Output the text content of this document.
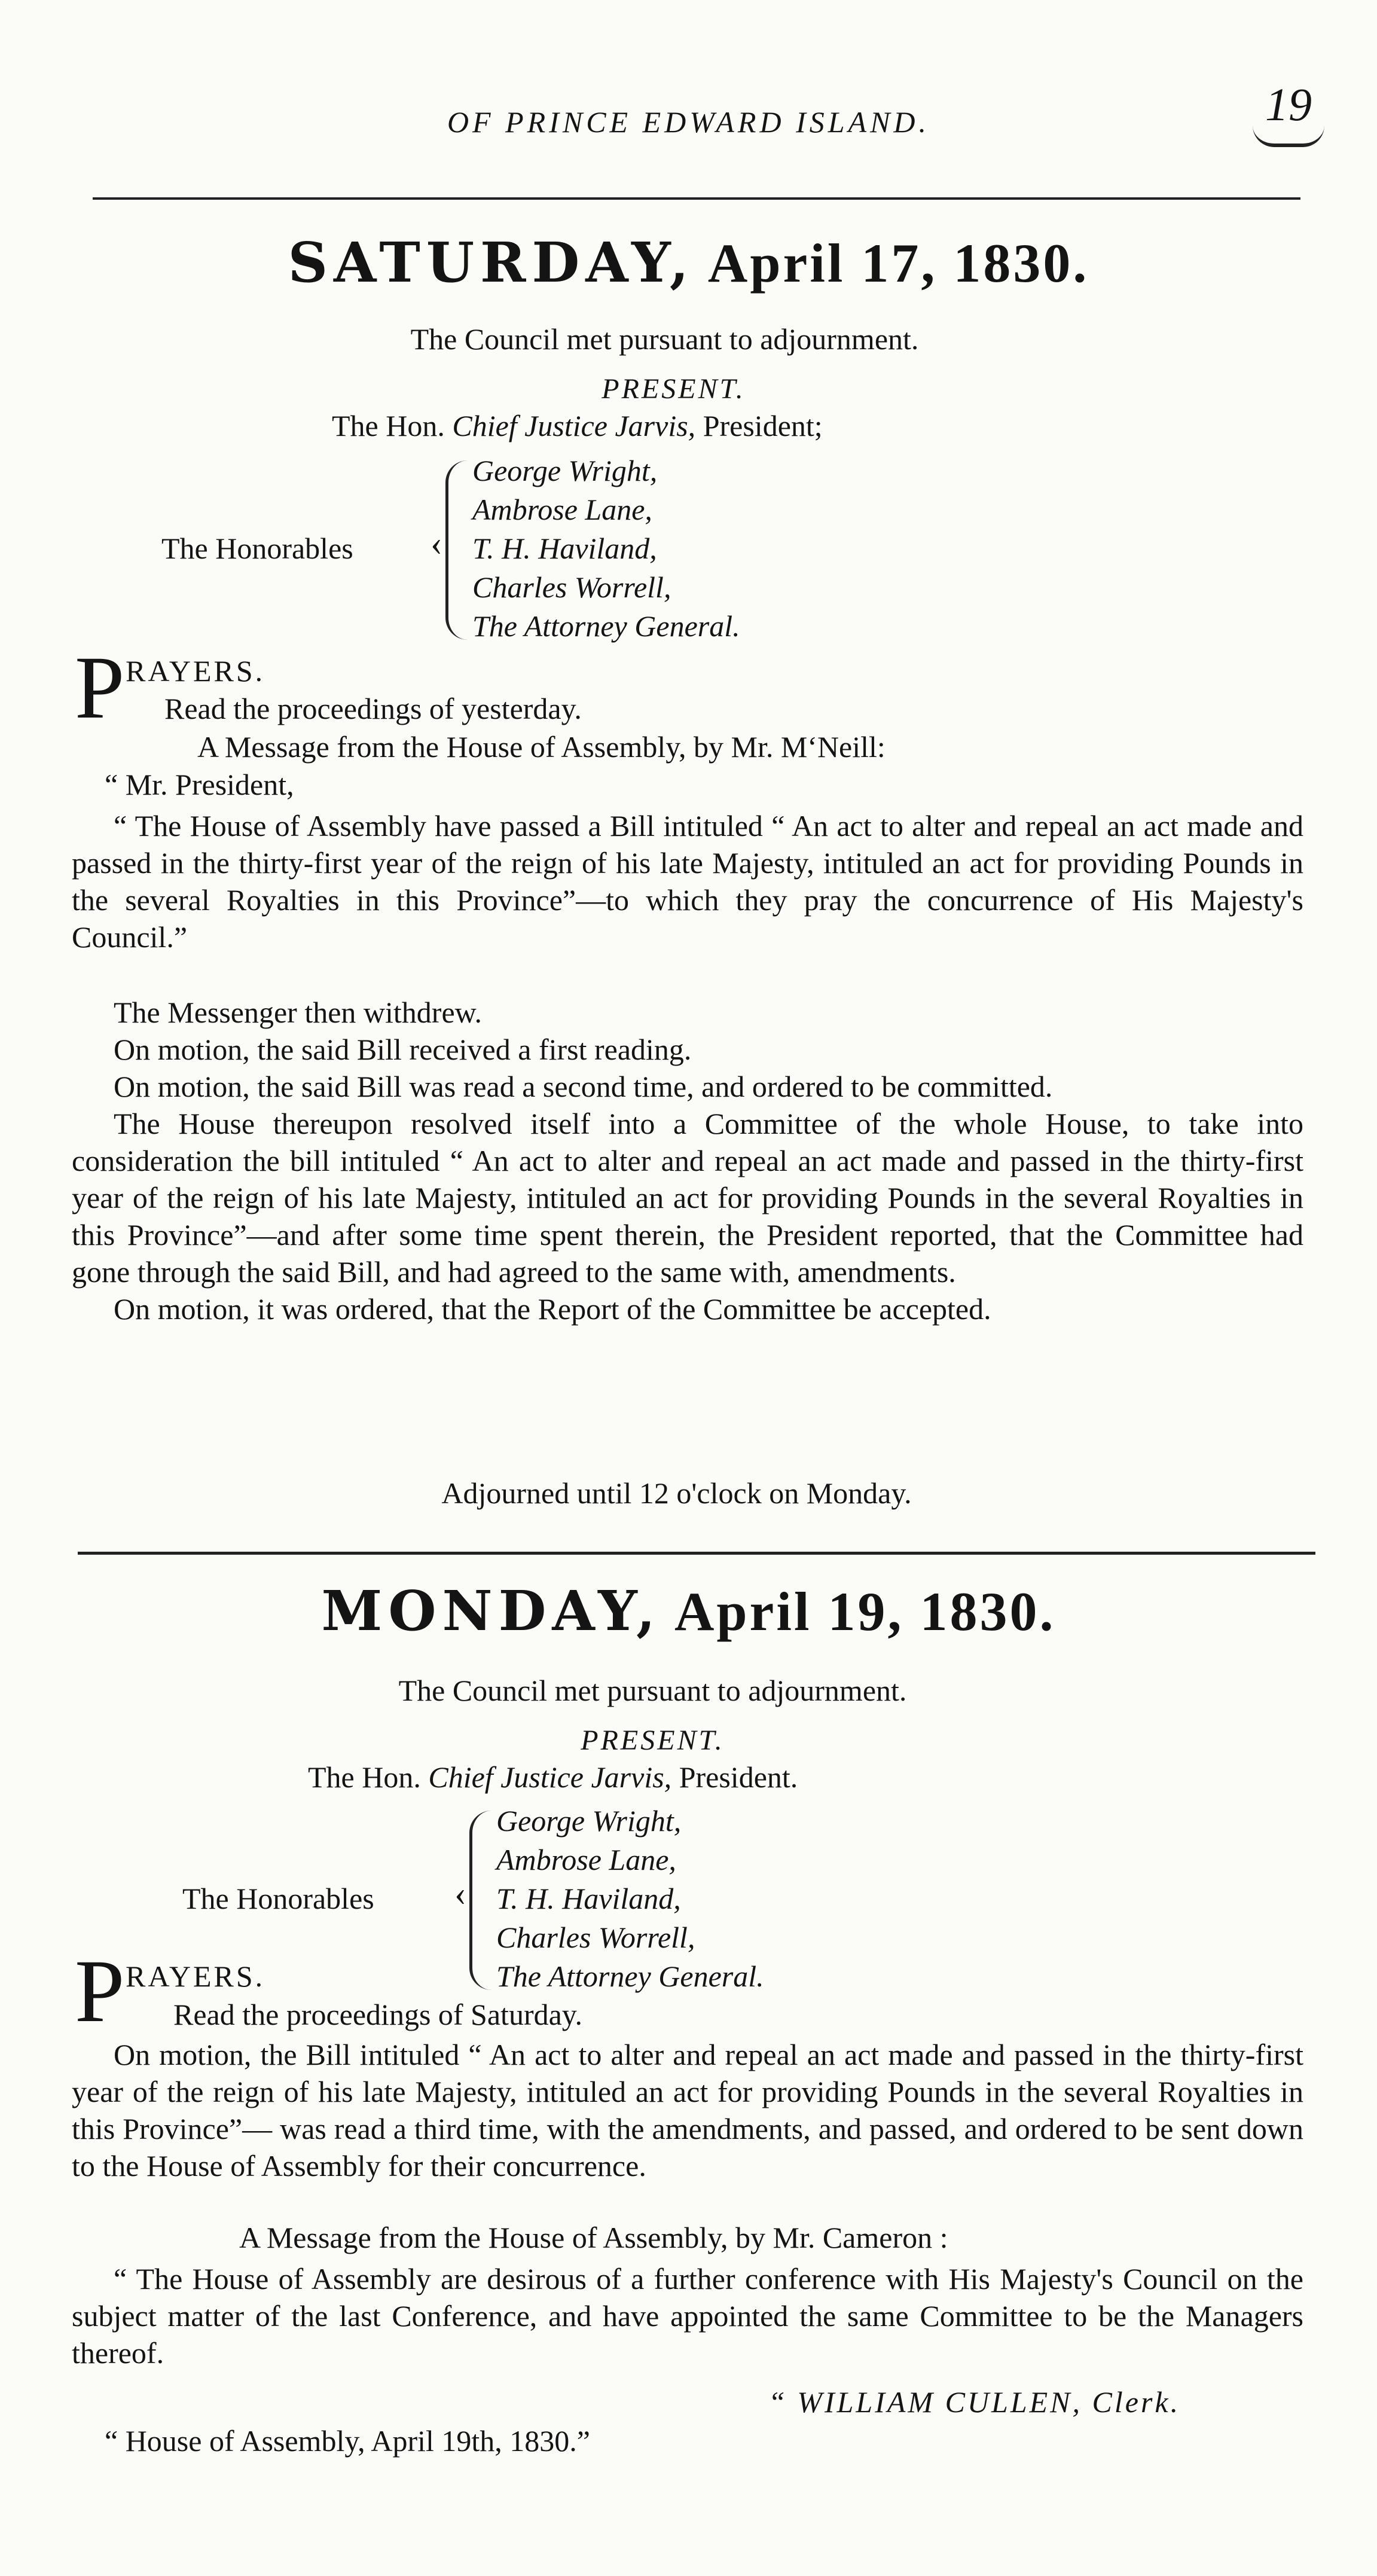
OF PRINCE EDWARD ISLAND.	19
SATURDAY, April 17, 1830.
The Council met pursuant to adjournment.
PRESENT.
The Hon. Chief Justice Jarvis, President;
The Honorables ‹
George Wright,
Ambrose Lane,
T. H. Haviland,
Charles Worrell,
The Attorney General.
P RAYERS.
Read the proceedings of yesterday.
A Message from the House of Assembly, by Mr. M‘Neill:
“ Mr. President,

“ The House of Assembly have passed a Bill intituled “ An act to alter and repeal an act made and passed in the thirty-first year of the reign of his late Majesty, intituled an act for providing Pounds in the several Royalties in this Province”—to which they pray the concurrence of His Majesty's Council.”

The Messenger then withdrew.

On motion, the said Bill received a first reading.

On motion, the said Bill was read a second time, and ordered to be committed.

The House thereupon resolved itself into a Committee of the whole House, to take into consideration the bill intituled “ An act to alter and repeal an act made and passed in the thirty-first year of the reign of his late Majesty, intituled an act for providing Pounds in the several Royalties in this Province”—and after some time spent therein, the President reported, that the Committee had gone through the said Bill, and had agreed to the same with, amendments.

On motion, it was ordered, that the Report of the Committee be accepted.

Adjourned until 12 o'clock on Monday.
MONDAY, April 19, 1830.
The Council met pursuant to adjournment.
PRESENT.
The Hon. Chief Justice Jarvis, President.
The Honorables ‹
George Wright,
Ambrose Lane,
T. H. Haviland,
Charles Worrell,
The Attorney General.
P RAYERS.
Read the proceedings of Saturday.

On motion, the Bill intituled “ An act to alter and repeal an act made and passed in the thirty-first year of the reign of his late Majesty, intituled an act for providing Pounds in the several Royalties in this Province”— was read a third time, with the amendments, and passed, and ordered to be sent down to the House of Assembly for their concurrence.

A Message from the House of Assembly, by Mr. Cameron :

“ The House of Assembly are desirous of a further conference with His Majesty's Council on the subject matter of the last Conference, and have appointed the same Committee to be the Managers thereof.

“ WILLIAM CULLEN, Clerk.
“ House of Assembly, April 19th, 1830.”
